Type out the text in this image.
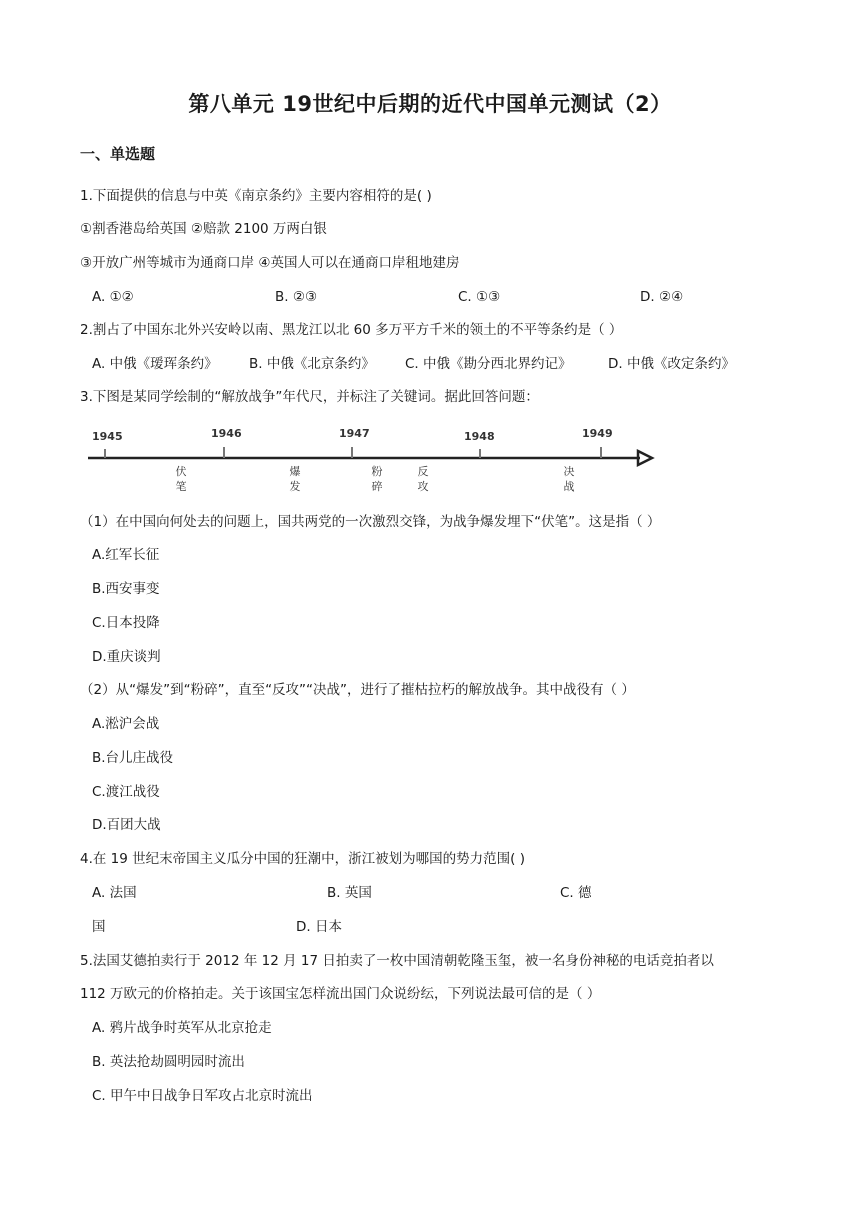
第八单元 19世纪中后期的近代中国单元测试（2）
一、单选题
1.下面提供的信息与中英《南京条约》主要内容相符的是( )
①割香港岛给英国 ②赔款 2100 万两白银
③开放广州等城市为通商口岸 ④英国人可以在通商口岸租地建房
A. ①②	B. ②③	C. ①③	D. ②④
2.割占了中国东北外兴安岭以南、黑龙江以北 60 多万平方千米的领土的不平等条约是（ ）
A. 中俄《瑷珲条约》 B. 中俄《北京条约》 C. 中俄《勘分西北界约记》	D. 中俄《改定条约》
3.下图是某同学绘制的“解放战争”年代尺，并标注了关键词。据此回答问题：
1945	1946	1947	1948	1949
伏
笔
爆
发
粉
碎
反
攻
决
战
（1）在中国向何处去的问题上，国共两党的一次激烈交锋，为战争爆发埋下“伏笔”。这是指（ ）
A.红军长征
B.西安事变
C.日本投降
D.重庆谈判
（2）从“爆发”到“粉碎”，直至“反攻”“决战”，进行了摧枯拉朽的解放战争。其中战役有（ ）
A.淞沪会战
B.台儿庄战役
C.渡江战役
D.百团大战
4.在 19 世纪末帝国主义瓜分中国的狂潮中，浙江被划为哪国的势力范围( )
A. 法国	B. 英国	C. 德
国	D. 日本
5.法国艾德拍卖行于 2012 年 12 月 17 日拍卖了一枚中国清朝乾隆玉玺，被一名身份神秘的电话竞拍者以
112 万欧元的价格拍走。关于该国宝怎样流出国门众说纷纭，下列说法最可信的是（ ）
A. 鸦片战争时英军从北京抢走
B. 英法抢劫圆明园时流出
C. 甲午中日战争日军攻占北京时流出
